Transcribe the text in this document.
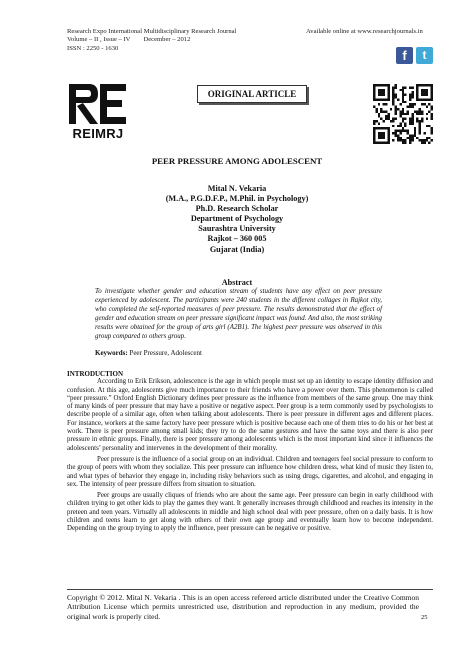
Research Expo International Multidisciplinary Research Journal
Volume – II , Issue – IV        December – 2012
ISSN : 2250 - 1630
Available online at www.researchjournals.in
f	t
REIMRJ
ORIGINAL ARTICLE
PEER PRESSURE AMONG ADOLESCENT
Mital N. Vekaria
(M.A., P.G.D.F.P., M.Phil. in Psychology)
Ph.D. Research Scholar
Department of Psychology
Saurashtra University
Rajkot – 360 005
Gujarat (India)
Abstract
To investigate whether gender and education stream of students have any effect on peer pressure experienced by adolescent. The participants were 240 students in the different collages in Rajkot city, who completed the self-reported measures of peer pressure. The results demonstrated that the effect of gender and education stream on peer pressure significant impact was found. And also, the most striking results were obtained for the group of arts girl (A2B1). The highest peer pressure was observed in this group compared to others group.
Keywords: Peer Pressure, Adolescent
INTRODUCTION

According to Erik Erikson, adolescence is the age in which people must set up an identity to escape identity diffusion and confusion. At this age, adolescents give much importance to their friends who have a power over them. This phenomenon is called “peer pressure.” Oxford English Dictionary defines peer pressure as the influence from members of the same group. One may think of many kinds of peer pressure that may have a positive or negative aspect. Peer group is a term commonly used by psychologists to describe people of a similar age, often when talking about adolescents. There is peer pressure in different ages and different places. For instance, workers at the same factory have peer pressure which is positive because each one of them tries to do his or her best at work. There is peer pressure among small kids; they try to do the same gestures and have the same toys and there is also peer pressure in ethnic groups. Finally, there is peer pressure among adolescents which is the most important kind since it influences the adolescents’ personality and intervenes in the development of their morality.

Peer pressure is the influence of a social group on an individual. Children and teenagers feel social pressure to conform to the group of peers with whom they socialize. This peer pressure can influence how children dress, what kind of music they listen to, and what types of behavior they engage in, including risky behaviors such as using drugs, cigarettes, and alcohol, and engaging in sex. The intensity of peer pressure differs from situation to situation.

Peer groups are usually cliques of friends who are about the same age. Peer pressure can begin in early childhood with children trying to get other kids to play the games they want. It generally increases through childhood and reaches its intensity in the preteen and teen years. Virtually all adolescents in middle and high school deal with peer pressure, often on a daily basis. It is how children and teens learn to get along with others of their own age group and eventually learn how to become independent. Depending on the group trying to apply the influence, peer pressure can be negative or positive.

Copyright © 2012. Mital N. Vekaria . This is an open access refereed article distributed under the Creative Common Attribution License which permits unrestricted use, distribution and reproduction in any medium, provided the original work is properly cited.	25
